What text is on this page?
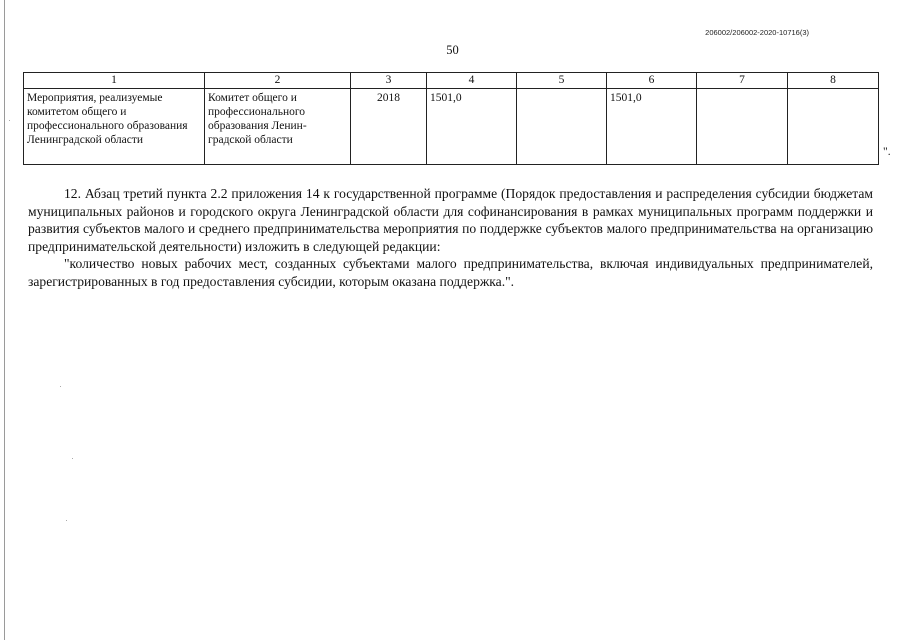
206002/206002-2020-10716(3)
50
1	2	3	4	5	6	7	8
Мероприятия, реализуемые комитетом общего и профессионального образования Ленинградской области	Комитет общего и профессионального образования Ленин-градской области	2018	1501,0		1501,0		
".

12. Абзац третий пункта 2.2 приложения 14 к государственной программе (Порядок предоставления и распределения субсидии бюджетам муниципальных районов и городского округа Ленинградской области для софинансирования в рамках муниципальных программ поддержки и развития субъектов малого и среднего предпринимательства мероприятия по поддержке субъектов малого предпринимательства на организацию предпринимательской деятельности) изложить в следующей редакции:

"количество новых рабочих мест, созданных субъектами малого предпринимательства, включая индивидуальных предпринимателей, зарегистрированных в год предоставления субсидии, которым оказана поддержка.".
